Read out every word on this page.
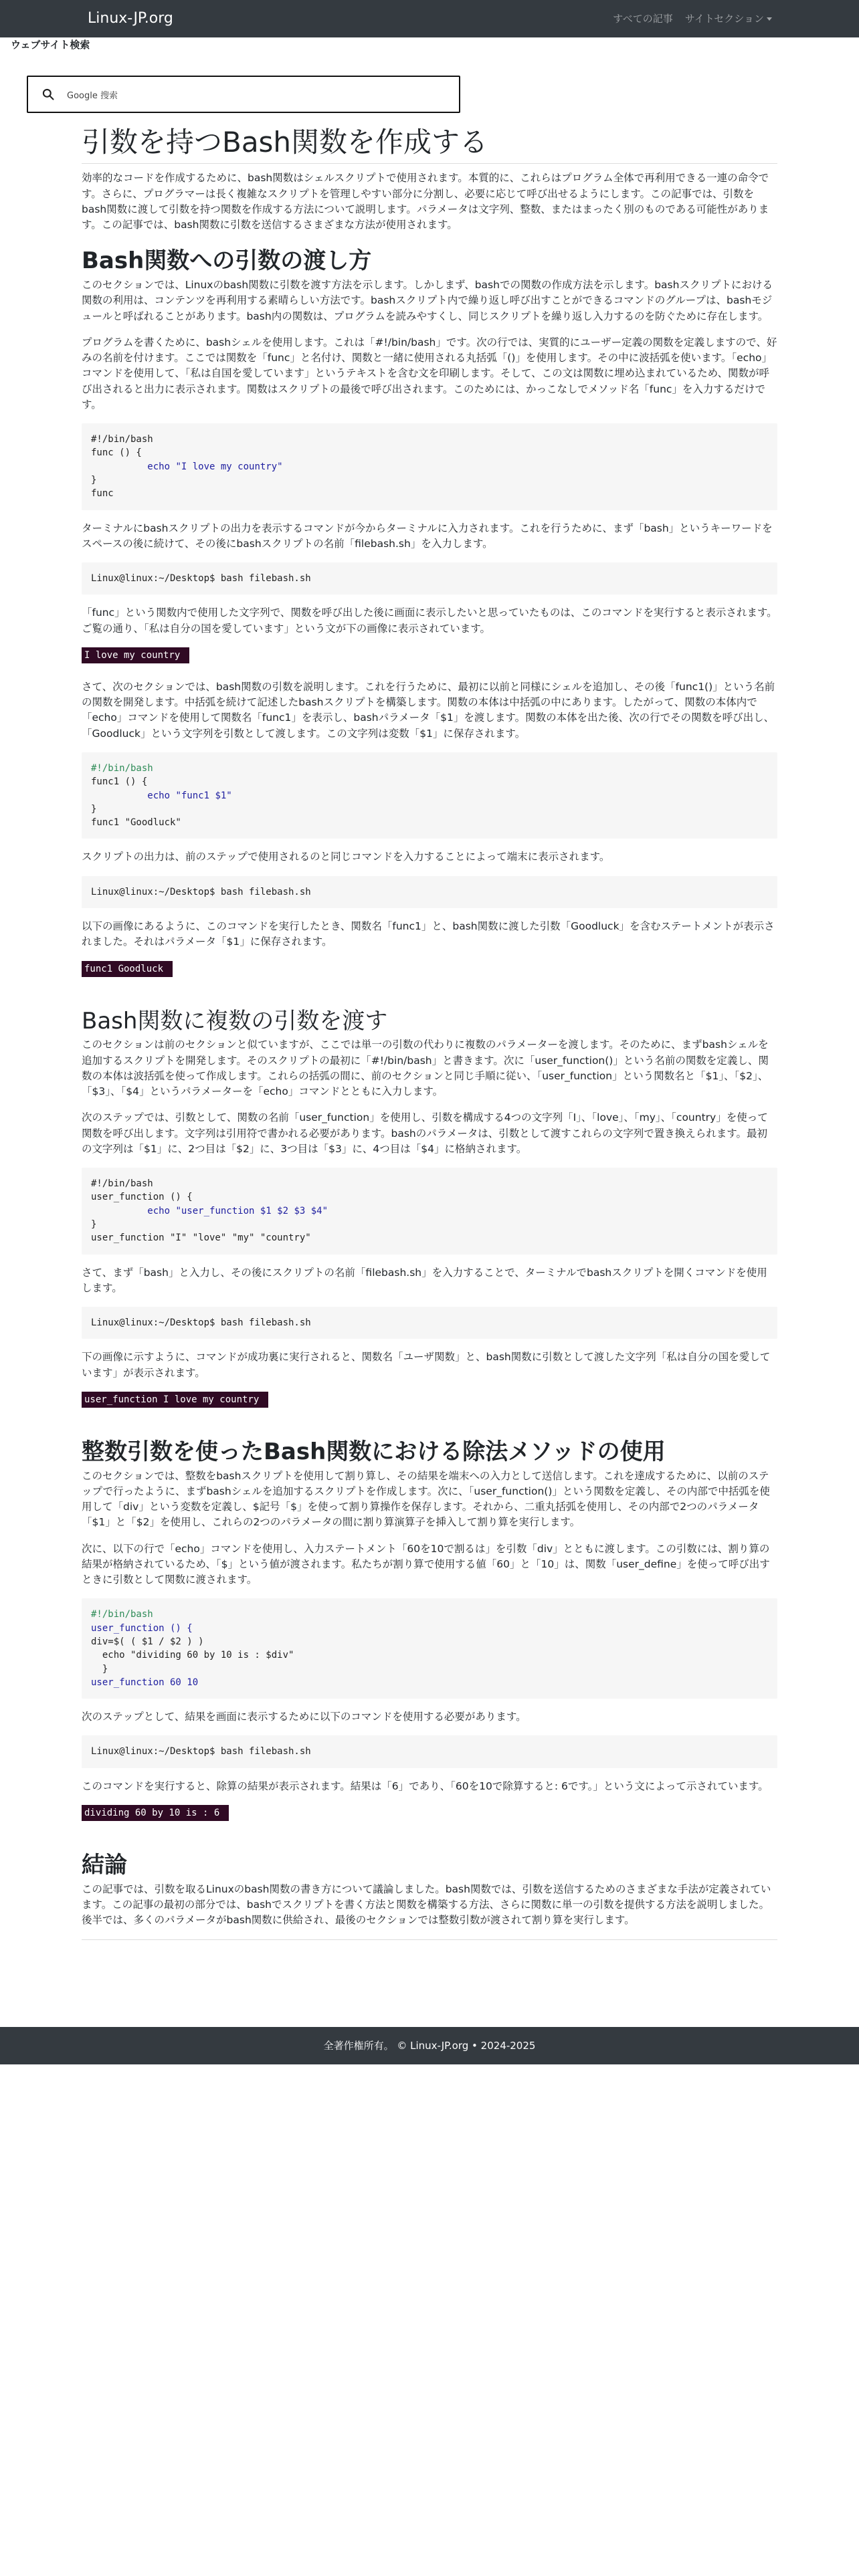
Linux-JP.org	すべての記事 サイトセクション
ウェブサイト検索
Google 搜索
引数を持つBash関数を作成する

効率的なコードを作成するために、bash関数はシェルスクリプトで使用されます。本質的に、これらはプログラム全体で再利用できる一連の命令です。さらに、プログラマーは長く複雑なスクリプトを管理しやすい部分に分割し、必要に応じて呼び出せるようにします。この記事では、引数をbash関数に渡して引数を持つ関数を作成する方法について説明します。パラメータは文字列、整数、またはまったく別のものである可能性があります。この記事では、bash関数に引数を送信するさまざまな方法が使用されます。

Bash関数への引数の渡し方

このセクションでは、Linuxのbash関数に引数を渡す方法を示します。しかしまず、bashでの関数の作成方法を示します。bashスクリプトにおける関数の利用は、コンテンツを再利用する素晴らしい方法です。bashスクリプト内で繰り返し呼び出すことができるコマンドのグループは、bashモジュールと呼ばれることがあります。bash内の関数は、プログラムを読みやすくし、同じスクリプトを繰り返し入力するのを防ぐために存在します。

プログラムを書くために、bashシェルを使用します。これは「#!/bin/bash」です。次の行では、実質的にユーザー定義の関数を定義しますので、好みの名前を付けます。ここでは関数を「func」と名付け、関数と一緒に使用される丸括弧「()」を使用します。その中に波括弧を使います。「echo」コマンドを使用して、「私は自国を愛しています」というテキストを含む文を印刷します。そして、この文は関数に埋め込まれているため、関数が呼び出されると出力に表示されます。関数はスクリプトの最後で呼び出されます。このためには、かっこなしでメソッド名「func」を入力するだけです。

#!/bin/bash
func () {
echo "I love my country"
}
func

ターミナルにbashスクリプトの出力を表示するコマンドが今からターミナルに入力されます。これを行うために、まず「bash」というキーワードをスペースの後に続けて、その後にbashスクリプトの名前「filebash.sh」を入力します。

Linux@linux:~/Desktop$ bash filebash.sh

「func」という関数内で使用した文字列で、関数を呼び出した後に画面に表示したいと思っていたものは、このコマンドを実行すると表示されます。ご覧の通り、「私は自分の国を愛しています」という文が下の画像に表示されています。

I love my country

さて、次のセクションでは、bash関数の引数を説明します。これを行うために、最初に以前と同様にシェルを追加し、その後「func1()」という名前の関数を開発します。中括弧を続けて記述したbashスクリプトを構築します。関数の本体は中括弧の中にあります。したがって、関数の本体内で「echo」コマンドを使用して関数名「func1」を表示し、bashパラメータ「$1」を渡します。関数の本体を出た後、次の行でその関数を呼び出し、「Goodluck」という文字列を引数として渡します。この文字列は変数「$1」に保存されます。

#!/bin/bash
func1 () {
echo "func1 $1"
}
func1 "Goodluck"

スクリプトの出力は、前のステップで使用されるのと同じコマンドを入力することによって端末に表示されます。

Linux@linux:~/Desktop$ bash filebash.sh

以下の画像にあるように、このコマンドを実行したとき、関数名「func1」と、bash関数に渡した引数「Goodluck」を含むステートメントが表示されました。それはパラメータ「$1」に保存されます。

func1 Goodluck
Bash関数に複数の引数を渡す

このセクションは前のセクションと似ていますが、ここでは単一の引数の代わりに複数のパラメーターを渡します。そのために、まずbashシェルを追加するスクリプトを開発します。そのスクリプトの最初に「#!/bin/bash」と書きます。次に「user_function()」という名前の関数を定義し、関数の本体は波括弧を使って作成します。これらの括弧の間に、前のセクションと同じ手順に従い、「user_function」という関数名と「$1」、「$2」、「$3」、「$4」というパラメーターを「echo」コマンドとともに入力します。

次のステップでは、引数として、関数の名前「user_function」を使用し、引数を構成する4つの文字列「I」、「love」、「my」、「country」を使って関数を呼び出します。文字列は引用符で書かれる必要があります。bashのパラメータは、引数として渡すこれらの文字列で置き換えられます。最初の文字列は「$1」に、2つ目は「$2」に、3つ目は「$3」に、4つ目は「$4」に格納されます。

#!/bin/bash
user_function () {
echo "user_function $1 $2 $3 $4"
}
user_function "I" "love" "my" "country"

さて、まず「bash」と入力し、その後にスクリプトの名前「filebash.sh」を入力することで、ターミナルでbashスクリプトを開くコマンドを使用します。

Linux@linux:~/Desktop$ bash filebash.sh

下の画像に示すように、コマンドが成功裏に実行されると、関数名「ユーザ関数」と、bash関数に引数として渡した文字列「私は自分の国を愛しています」が表示されます。

user_function I love my country
整数引数を使ったBash関数における除法メソッドの使用

このセクションでは、整数をbashスクリプトを使用して割り算し、その結果を端末への入力として送信します。これを達成するために、以前のステップで行ったように、まずbashシェルを追加するスクリプトを作成します。次に、「user_function()」という関数を定義し、その内部で中括弧を使用して「div」という変数を定義し、$記号「$」を使って割り算操作を保存します。それから、二重丸括弧を使用し、その内部で2つのパラメータ「$1」と「$2」を使用し、これらの2つのパラメータの間に割り算演算子を挿入して割り算を実行します。

次に、以下の行で「echo」コマンドを使用し、入力ステートメント「60を10で割るは」を引数「div」とともに渡します。この引数には、割り算の結果が格納されているため、「$」という値が渡されます。私たちが割り算で使用する値「60」と「10」は、関数「user_define」を使って呼び出すときに引数として関数に渡されます。

#!/bin/bash
user_function () {
div=$( ( $1 / $2 ) )
echo "dividing 60 by 10 is : $div"
}
user_function 60 10

次のステップとして、結果を画面に表示するために以下のコマンドを使用する必要があります。

Linux@linux:~/Desktop$ bash filebash.sh

このコマンドを実行すると、除算の結果が表示されます。結果は「6」であり、「60を10で除算すると: 6です。」という文によって示されています。

dividing 60 by 10 is : 6
結論

この記事では、引数を取るLinuxのbash関数の書き方について議論しました。bash関数では、引数を送信するためのさまざまな手法が定義されています。この記事の最初の部分では、bashでスクリプトを書く方法と関数を構築する方法、さらに関数に単一の引数を提供する方法を説明しました。後半では、多くのパラメータがbash関数に供給され、最後のセクションでは整数引数が渡されて割り算を実行します。

全著作権所有。 © Linux-JP.org • 2024-2025
